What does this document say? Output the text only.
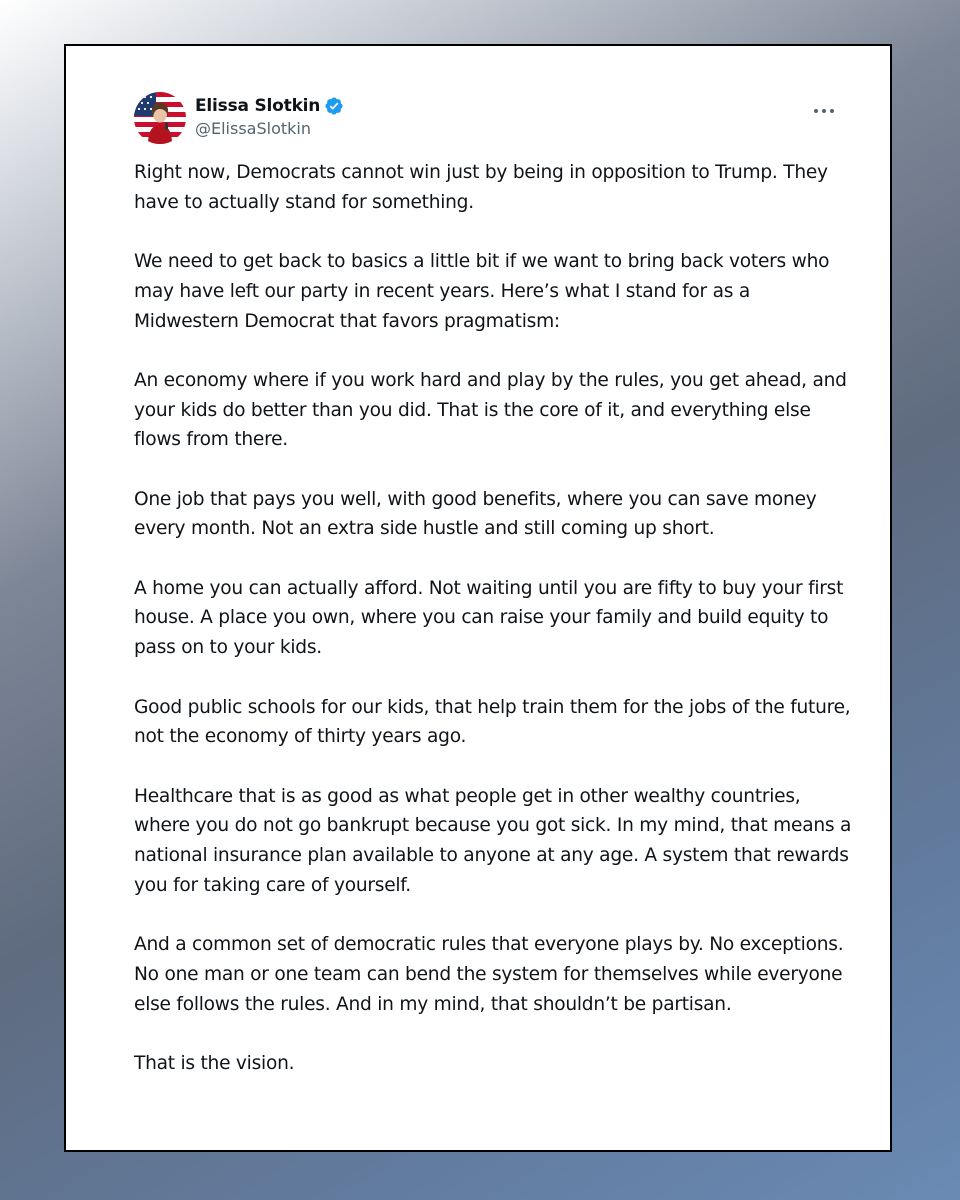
Elissa Slotkin
@ElissaSlotkin

Right now, Democrats cannot win just by being in opposition to Trump. They have to actually stand for something.

We need to get back to basics a little bit if we want to bring back voters who may have left our party in recent years. Here’s what I stand for as a Midwestern Democrat that favors pragmatism:

An economy where if you work hard and play by the rules, you get ahead, and your kids do better than you did. That is the core of it, and everything else flows from there.

One job that pays you well, with good benefits, where you can save money every month. Not an extra side hustle and still coming up short.

A home you can actually afford. Not waiting until you are fifty to buy your first house. A place you own, where you can raise your family and build equity to pass on to your kids.

Good public schools for our kids, that help train them for the jobs of the future, not the economy of thirty years ago.

Healthcare that is as good as what people get in other wealthy countries, where you do not go bankrupt because you got sick. In my mind, that means a national insurance plan available to anyone at any age. A system that rewards you for taking care of yourself.

And a common set of democratic rules that everyone plays by. No exceptions. No one man or one team can bend the system for themselves while everyone else follows the rules. And in my mind, that shouldn’t be partisan.

That is the vision.
